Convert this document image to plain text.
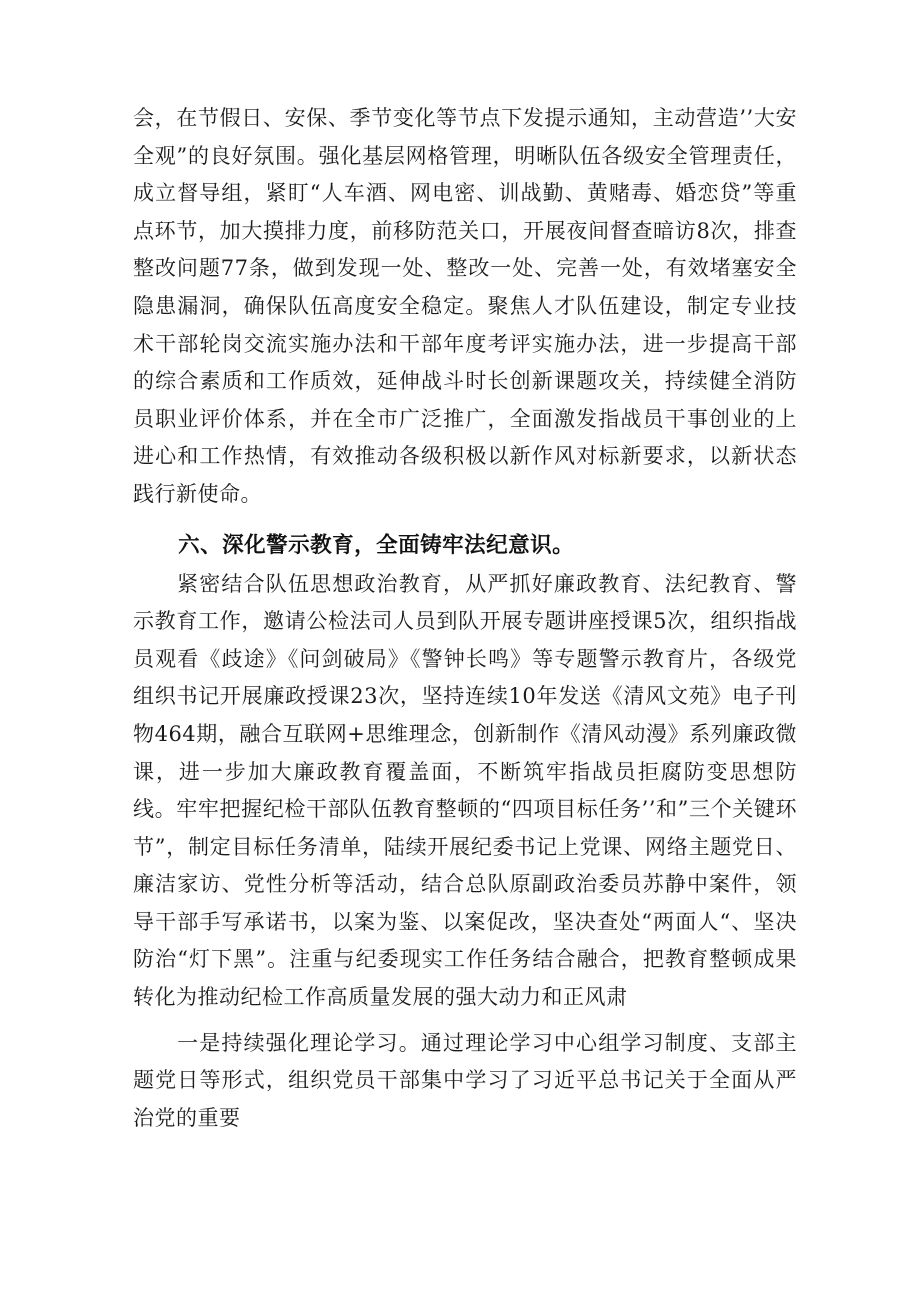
会，在节假日、安保、季节变化等节点下发提示通知，主动营造’’大安全观”的良好氛围。强化基层网格管理，明晰队伍各级安全管理责任，成立督导组，紧盯“人车酒、网电密、训战勤、黄赌毒、婚恋贷”等重点环节，加大摸排力度，前移防范关口，开展夜间督查暗访8次，排查整改问题77条，做到发现一处、整改一处、完善一处，有效堵塞安全隐患漏洞，确保队伍高度安全稳定。聚焦人才队伍建设，制定专业技术干部轮岗交流实施办法和干部年度考评实施办法，进一步提高干部的综合素质和工作质效，延伸战斗时长创新课题攻关，持续健全消防员职业评价体系，并在全市广泛推广，全面激发指战员干事创业的上进心和工作热情，有效推动各级积极以新作风对标新要求，以新状态践行新使命。

六、深化警示教育，全面铸牢法纪意识。

紧密结合队伍思想政治教育，从严抓好廉政教育、法纪教育、警示教育工作，邀请公检法司人员到队开展专题讲座授课5次，组织指战员观看《歧途》《问剑破局》《警钟长鸣》等专题警示教育片，各级党组织书记开展廉政授课23次，坚持连续10年发送《清风文苑》电子刊物464期，融合互联网+思维理念，创新制作《清风动漫》系列廉政微课，进一步加大廉政教育覆盖面，不断筑牢指战员拒腐防变思想防线。牢牢把握纪检干部队伍教育整顿的“四项目标任务’’和”三个关键环节”，制定目标任务清单，陆续开展纪委书记上党课、网络主题党日、廉洁家访、党性分析等活动，结合总队原副政治委员苏静中案件，领导干部手写承诺书，以案为鉴、以案促改，坚决查处“两面人“、坚决防治“灯下黑”。注重与纪委现实工作任务结合融合，把教育整顿成果转化为推动纪检工作高质量发展的强大动力和正风肃

一是持续强化理论学习。通过理论学习中心组学习制度、支部主题党日等形式，组织党员干部集中学习了习近平总书记关于全面从严治党的重要
